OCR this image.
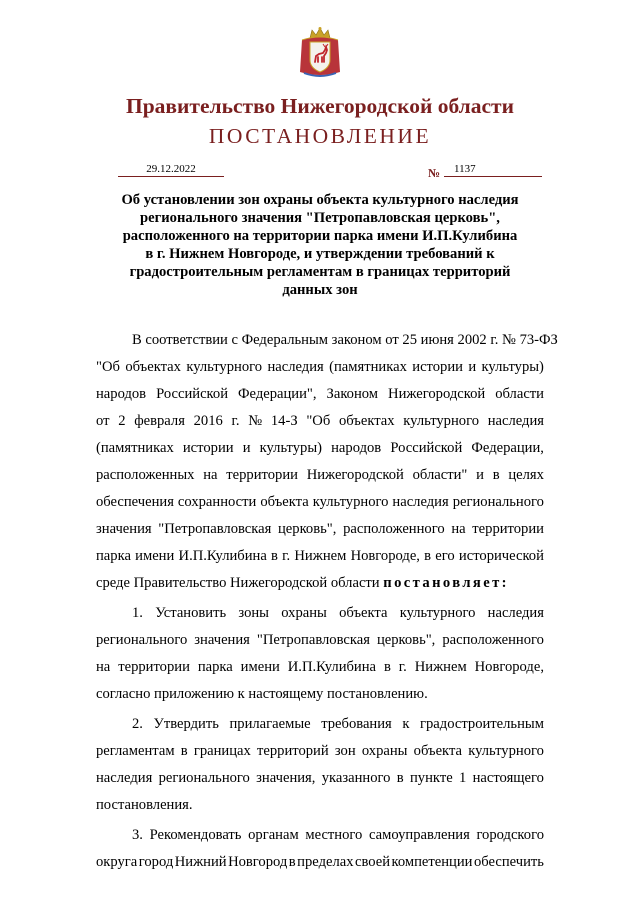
Правительство Нижегородской области
ПОСТАНОВЛЕНИЕ
29.12.2022	№	1137
Об установлении зон охраны объекта культурного наследия
регионального значения "Петропавловская церковь",
расположенного на территории парка имени И.П.Кулибина
в г. Нижнем Новгороде, и утверждении требований к
градостроительным регламентам в границах территорий
данных зон
В соответствии с Федеральным законом от 25 июня 2002 г. № 73-ФЗ
"Об объектах культурного наследия (памятниках истории и культуры)
народов Российской Федерации", Законом Нижегородской области
от 2 февраля 2016 г. № 14-З "Об объектах культурного наследия
(памятниках истории и культуры) народов Российской Федерации,
расположенных на территории Нижегородской области" и в целях
обеспечения сохранности объекта культурного наследия регионального
значения "Петропавловская церковь", расположенного на территории
парка имени И.П.Кулибина в г. Нижнем Новгороде, в его исторической
среде Правительство Нижегородской области постановляет:
1. Установить зоны охраны объекта культурного наследия
регионального значения "Петропавловская церковь", расположенного
на территории парка имени И.П.Кулибина в г. Нижнем Новгороде,
согласно приложению к настоящему постановлению.
2. Утвердить прилагаемые требования к градостроительным
регламентам в границах территорий зон охраны объекта культурного
наследия регионального значения, указанного в пункте 1 настоящего
постановления.
3. Рекомендовать органам местного самоуправления городского
округа город Нижний Новгород в пределах своей компетенции обеспечить
